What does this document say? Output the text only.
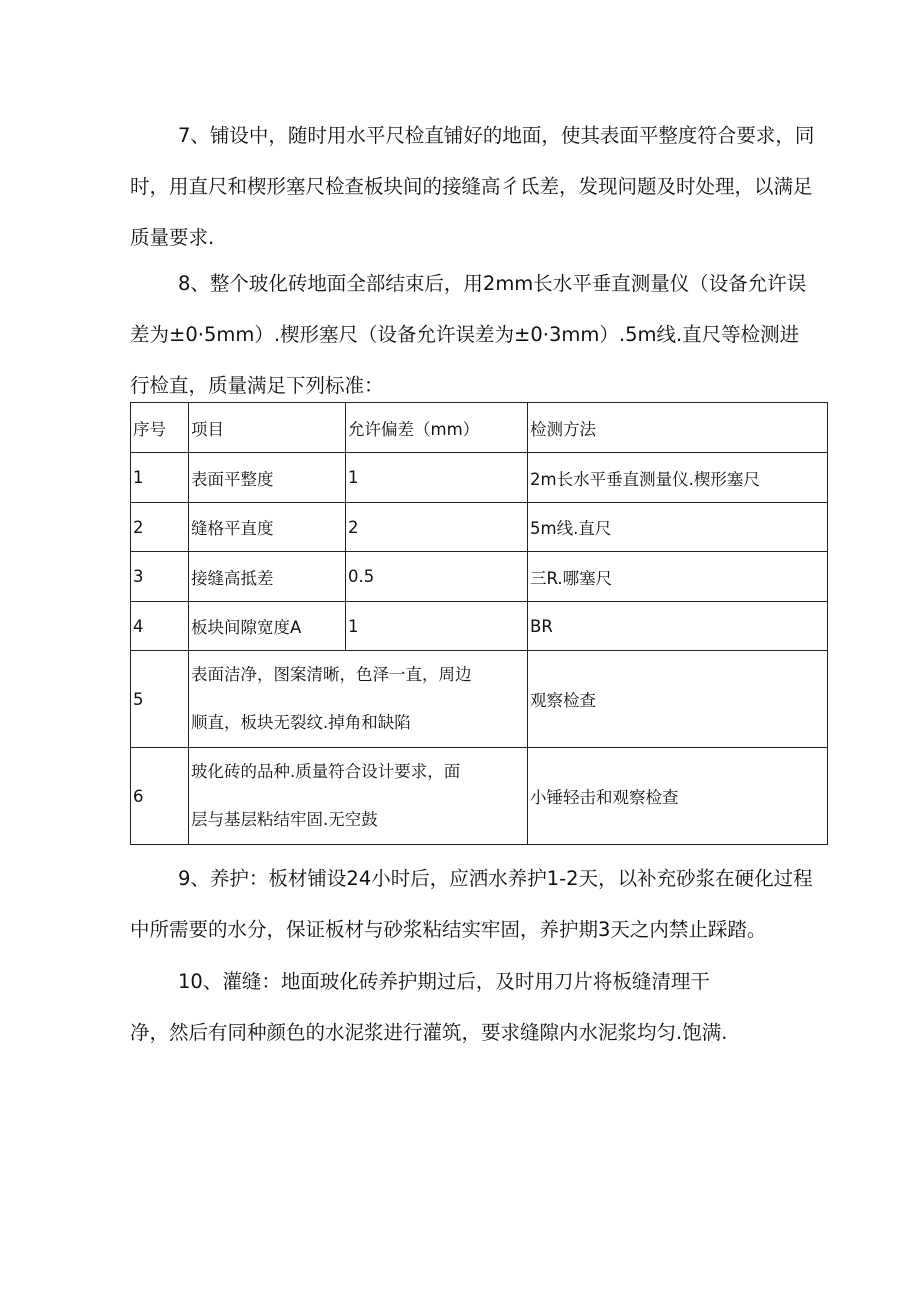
7、铺设中，随时用水平尺检直铺好的地面，使其表面平整度符合要求，同
时，用直尺和楔形塞尺检查板块间的接缝高彳氐差，发现问题及时处理，以满足
质量要求.

8、整个玻化砖地面全部结束后，用2mm长水平垂直测量仪（设备允许误
差为±0·5mm）.楔形塞尺（设备允许误差为±0·3mm）.5m线.直尺等检测进
行检直，质量满足下列标准：

序号	项目	允许偏差（mm）	检测方法
1	表面平整度	1	2m长水平垂直测量仪.楔形塞尺
2	缝格平直度	2	5m线.直尺
3	接缝高抵差	0.5	三R.哪塞尺
4	板块间隙宽度A	1	BR
5	表面洁净，图案清晰，色泽一直，周边
顺直，板块无裂纹.掉角和缺陷		观察检查
6	玻化砖的品种.质量符合设计要求，面
层与基层粘结牢固.无空鼓		小锤轻击和观察检查

9、养护：板材铺设24小时后，应洒水养护1-2天，以补充砂浆在硬化过程
中所需要的水分，保证板材与砂浆粘结实牢固，养护期3天之内禁止踩踏。

10、灌缝：地面玻化砖养护期过后，及时用刀片将板缝清理干
净，然后有同种颜色的水泥浆进行灌筑，要求缝隙内水泥浆均匀.饱满.
